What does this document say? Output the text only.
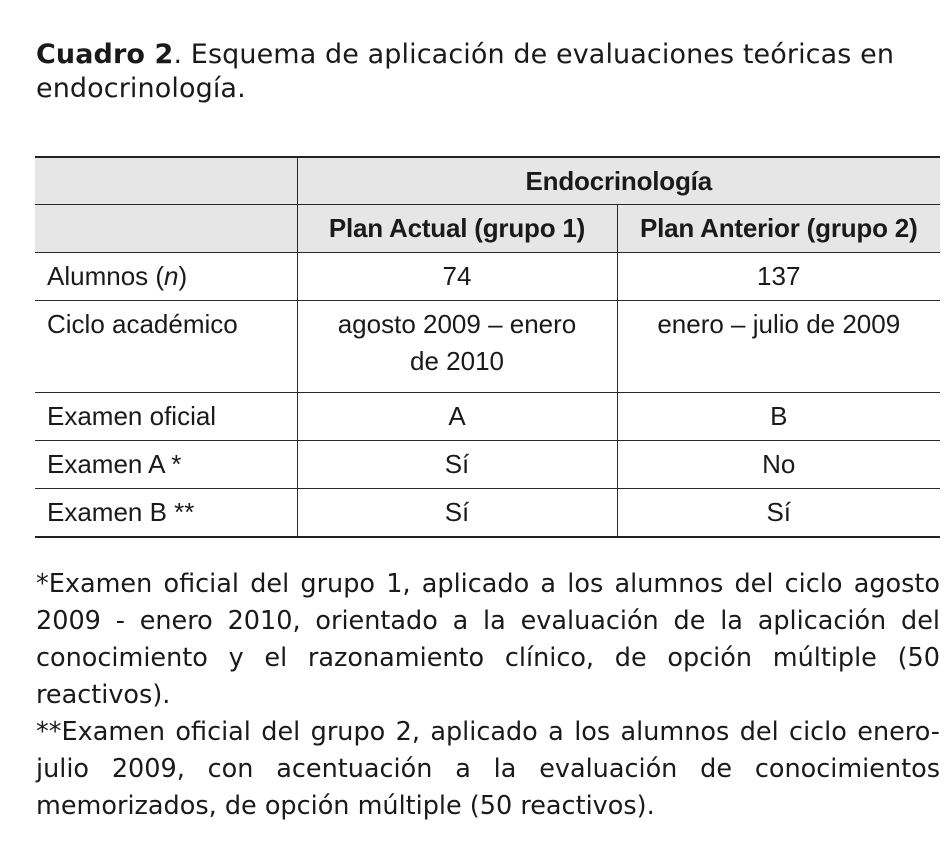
Cuadro 2. Esquema de aplicación de evaluaciones teóricas en endocrinología.
	Endocrinología	
	Plan Actual (grupo 1)	Plan Anterior (grupo 2)
Alumnos (n)	74	137
Ciclo académico	agosto 2009 – enero de 2010	enero – julio de 2009
Examen oficial	A	B
Examen A *	Sí	No
Examen B **	Sí	Sí

*Examen oficial del grupo 1, aplicado a los alumnos del ciclo agosto 2009 - enero 2010, orientado a la evaluación de la aplicación del conocimiento y el razonamiento clínico, de opción múltiple (50 reactivos).

**Examen oficial del grupo 2, aplicado a los alumnos del ciclo enero-julio 2009, con acentuación a la evaluación de conocimientos memorizados, de opción múltiple (50 reactivos).
